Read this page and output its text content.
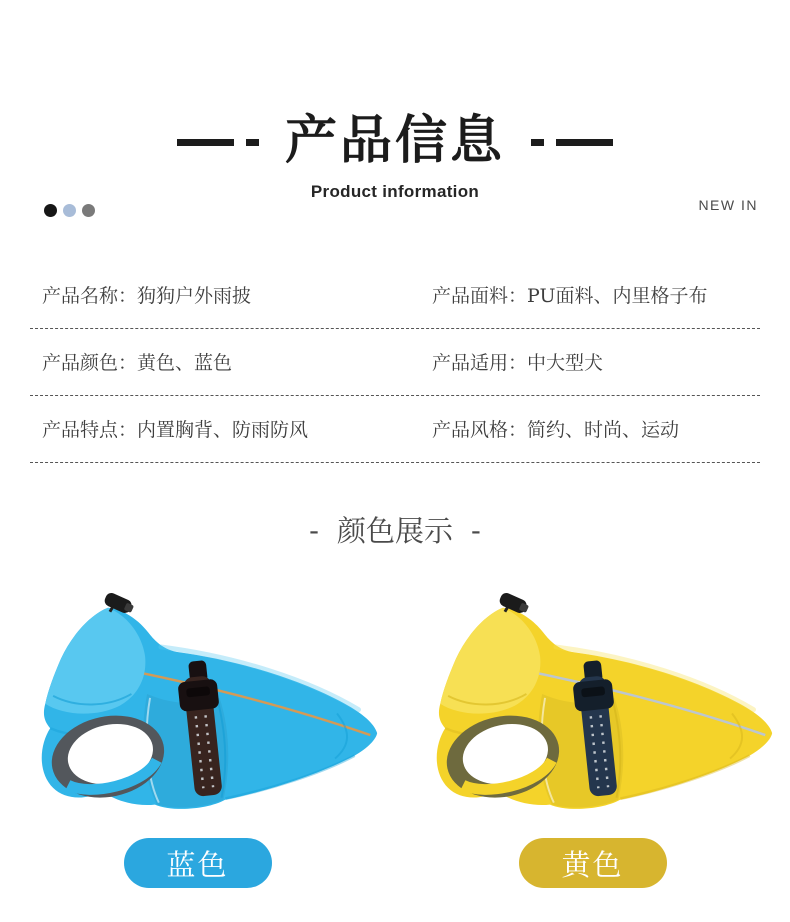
产品信息
Product information
NEW IN
产品名称：狗狗户外雨披	产品面料：PU面料、内里格子布
产品颜色：黄色、蓝色	产品适用：中大型犬
产品特点：内置胸背、防雨防风	产品风格：简约、时尚、运动
- 颜色展示 -
蓝色	黄色
